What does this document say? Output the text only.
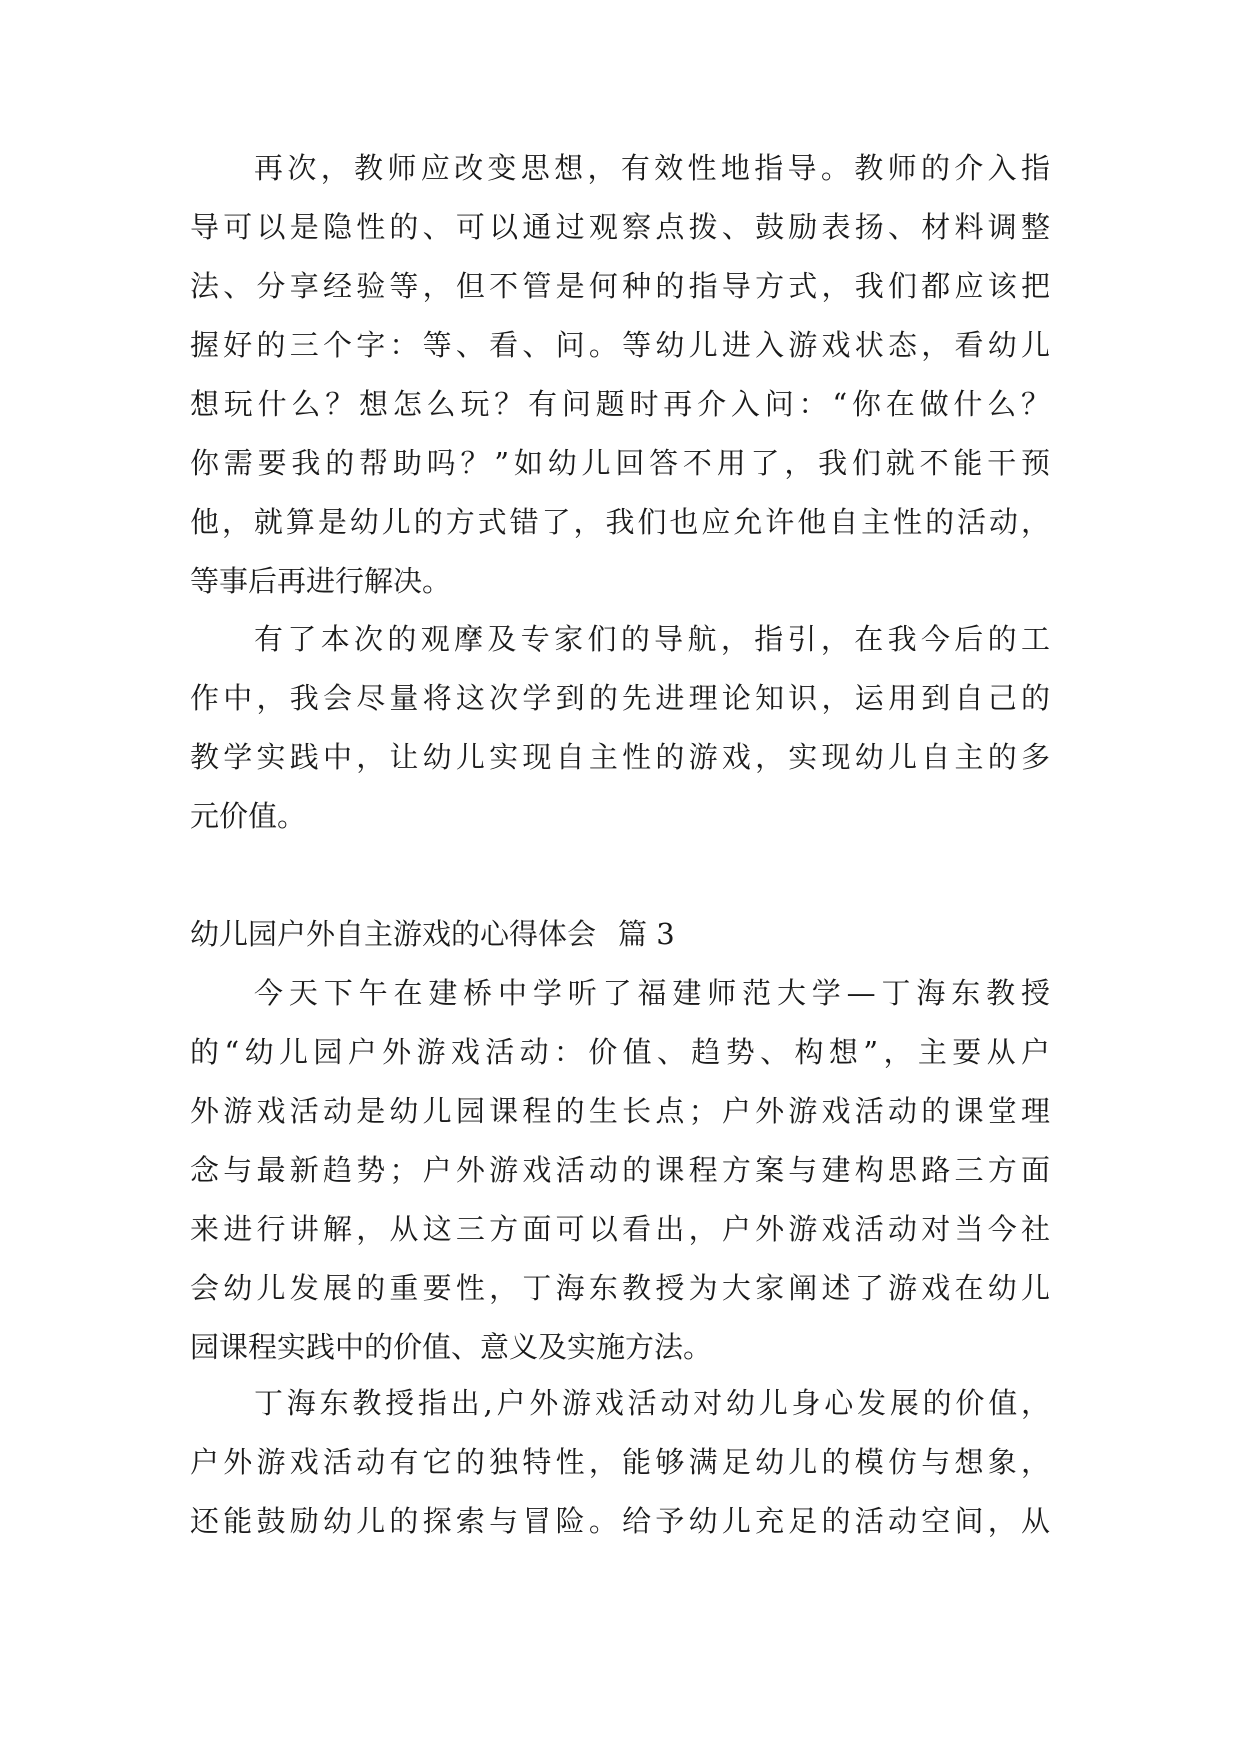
再次，教师应改变思想，有效性地指导。教师的介入指
导可以是隐性的、可以通过观察点拨、鼓励表扬、材料调整
法、分享经验等，但不管是何种的指导方式，我们都应该把
握好的三个字：等、看、问。等幼儿进入游戏状态，看幼儿
想玩什么？想怎么玩？有问题时再介入问：“你在做什么？
你需要我的帮助吗？”如幼儿回答不用了，我们就不能干预
他，就算是幼儿的方式错了，我们也应允许他自主性的活动，
等事后再进行解决。
有了本次的观摩及专家们的导航，指引，在我今后的工
作中，我会尽量将这次学到的先进理论知识，运用到自己的
教学实践中，让幼儿实现自主性的游戏，实现幼儿自主的多
元价值。
幼儿园户外自主游戏的心得体会 篇 3
今天下午在建桥中学听了福建师范大学—丁海东教授
的“幼儿园户外游戏活动：价值、趋势、构想”，主要从户
外游戏活动是幼儿园课程的生长点；户外游戏活动的课堂理
念与最新趋势；户外游戏活动的课程方案与建构思路三方面
来进行讲解，从这三方面可以看出，户外游戏活动对当今社
会幼儿发展的重要性，丁海东教授为大家阐述了游戏在幼儿
园课程实践中的价值、意义及实施方法。
丁海东教授指出,户外游戏活动对幼儿身心发展的价值，
户外游戏活动有它的独特性，能够满足幼儿的模仿与想象，
还能鼓励幼儿的探索与冒险。给予幼儿充足的活动空间，从
